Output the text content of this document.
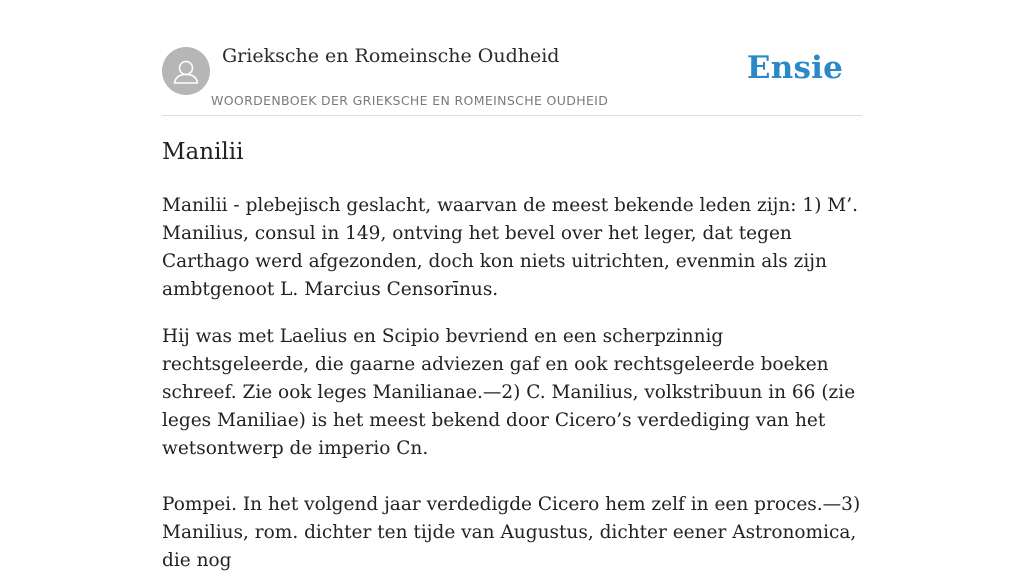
Grieksche en Romeinsche Oudheid
WOORDENBOEK DER GRIEKSCHE EN ROMEINSCHE OUDHEID
Ensie
Manilii

Manilii - plebejisch geslacht, waarvan de meest bekende leden zijn: 1) M’. Manilius, consul in 149, ontving het bevel over het leger, dat tegen Carthago werd afgezonden, doch kon niets uitrichten, evenmin als zijn ambtgenoot L. Marcius Censorīnus.

Hij was met Laelius en Scipio bevriend en een scherpzinnig rechtsgeleerde, die gaarne adviezen gaf en ook rechtsgeleerde boeken schreef. Zie ook leges Manilianae.—2) C. Manilius, volkstribuun in 66 (zie leges Maniliae) is het meest bekend door Cicero’s verdediging van het wetsontwerp de imperio Cn.

Pompei. In het volgend jaar verdedigde Cicero hem zelf in een proces.—3) Manilius, rom. dichter ten tijde van Augustus, dichter eener Astronomica, die nog
